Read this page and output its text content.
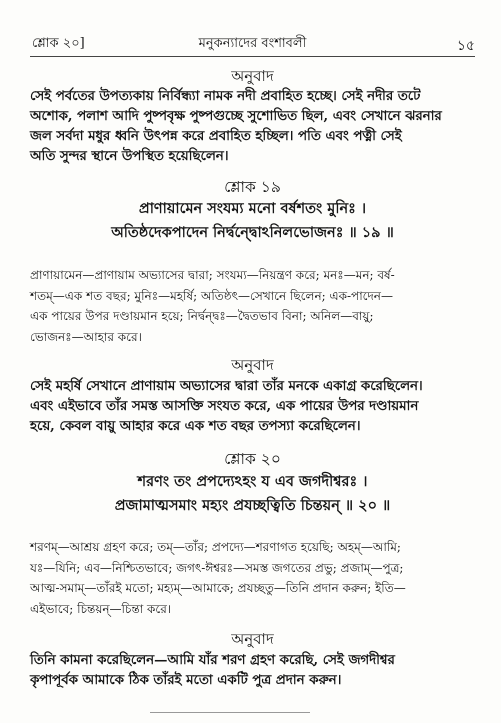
শ্লোক ২০]	মনুকন্যাদের বংশাবলী	১৫
অনুবাদ
সেই পর্বতের উপত্যকায় নির্বিন্ধ্যা নামক নদী প্রবাহিত হচ্ছে। সেই নদীর তটে
অশোক, পলাশ আদি পুষ্পবৃক্ষ পুষ্পগুচ্ছে সুশোভিত ছিল, এবং সেখানে ঝরনার
জল সর্বদা মধুর ধ্বনি উৎপন্ন করে প্রবাহিত হচ্ছিল। পতি এবং পত্নী সেই
অতি সুন্দর স্থানে উপস্থিত হয়েছিলেন।
শ্লোক ১৯
প্রাণায়ামেন সংযম্য মনো বর্ষশতং মুনিঃ ।
অতিষ্ঠদেকপাদেন নির্দ্বন্দ্বোঽনিলভোজনঃ ॥ ১৯ ॥
প্রাণায়ামেন—প্রাণায়াম অভ্যাসের দ্বারা; সংযম্য—নিয়ন্ত্রণ করে; মনঃ—মন; বর্ষ-
শতম্—এক শত বছর; মুনিঃ—মহর্ষি; অতিষ্ঠৎ—সেখানে ছিলেন; এক-পাদেন—
এক পায়ের উপর দণ্ডায়মান হয়ে; নির্দ্বন্দ্বঃ—দ্বৈতভাব বিনা; অনিল—বায়ু;
ভোজনঃ—আহার করে।
অনুবাদ
সেই মহর্ষি সেখানে প্রাণায়াম অভ্যাসের দ্বারা তাঁর মনকে একাগ্র করেছিলেন।
এবং এইভাবে তাঁর সমস্ত আসক্তি সংযত করে, এক পায়ের উপর দণ্ডায়মান
হয়ে, কেবল বায়ু আহার করে এক শত বছর তপস্যা করেছিলেন।
শ্লোক ২০
শরণং তং প্রপদ্যেঽহং য এব জগদীশ্বরঃ ।
প্রজামাত্মসমাং মহ্যং প্রযচ্ছত্বিতি চিন্তয়ন্ ॥ ২০ ॥
শরণম্—আশ্রয় গ্রহণ করে; তম্—তাঁর; প্রপদ্যে—শরণাগত হয়েছি; অহম্—আমি;
যঃ—যিনি; এব—নিশ্চিতভাবে; জগৎ-ঈশ্বরঃ—সমস্ত জগতের প্রভু; প্রজাম্—পুত্র;
আত্ম-সমাম্—তাঁরই মতো; মহ্যম্—আমাকে; প্রযচ্ছতু—তিনি প্রদান করুন; ইতি—
এইভাবে; চিন্তয়ন্—চিন্তা করে।
অনুবাদ
তিনি কামনা করেছিলেন—আমি যাঁর শরণ গ্রহণ করেছি, সেই জগদীশ্বর
কৃপাপূর্বক আমাকে ঠিক তাঁরই মতো একটি পুত্র প্রদান করুন।
